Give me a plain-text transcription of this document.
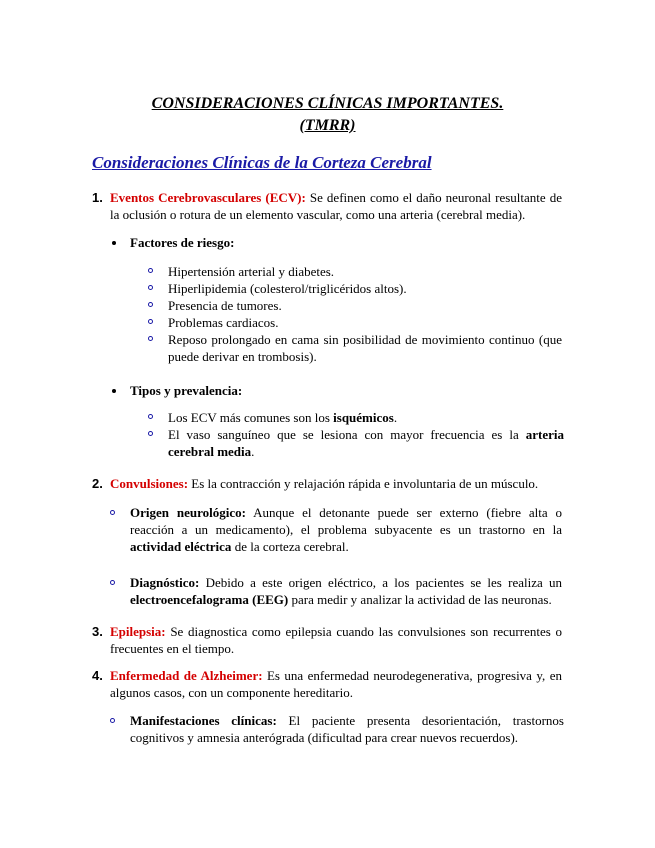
CONSIDERACIONES CLÍNICAS IMPORTANTES.
(TMRR)
Consideraciones Clínicas de la Corteza Cerebral
1. Eventos Cerebrovasculares (ECV): Se definen como el daño neuronal resultante de la oclusión o rotura de un elemento vascular, como una arteria (cerebral media).
Factores de riesgo:
Hipertensión arterial y diabetes.
Hiperlipidemia (colesterol/triglicéridos altos).
Presencia de tumores.
Problemas cardiacos.
Reposo prolongado en cama sin posibilidad de movimiento continuo (que puede derivar en trombosis).
Tipos y prevalencia:
Los ECV más comunes son los isquémicos.
El vaso sanguíneo que se lesiona con mayor frecuencia es la arteria cerebral media.
2. Convulsiones: Es la contracción y relajación rápida e involuntaria de un músculo.
Origen neurológico: Aunque el detonante puede ser externo (fiebre alta o reacción a un medicamento), el problema subyacente es un trastorno en la actividad eléctrica de la corteza cerebral.
Diagnóstico: Debido a este origen eléctrico, a los pacientes se les realiza un electroencefalograma (EEG) para medir y analizar la actividad de las neuronas.
3. Epilepsia: Se diagnostica como epilepsia cuando las convulsiones son recurrentes o frecuentes en el tiempo.
4. Enfermedad de Alzheimer: Es una enfermedad neurodegenerativa, progresiva y, en algunos casos, con un componente hereditario.
Manifestaciones clínicas: El paciente presenta desorientación, trastornos cognitivos y amnesia anterógrada (dificultad para crear nuevos recuerdos).
